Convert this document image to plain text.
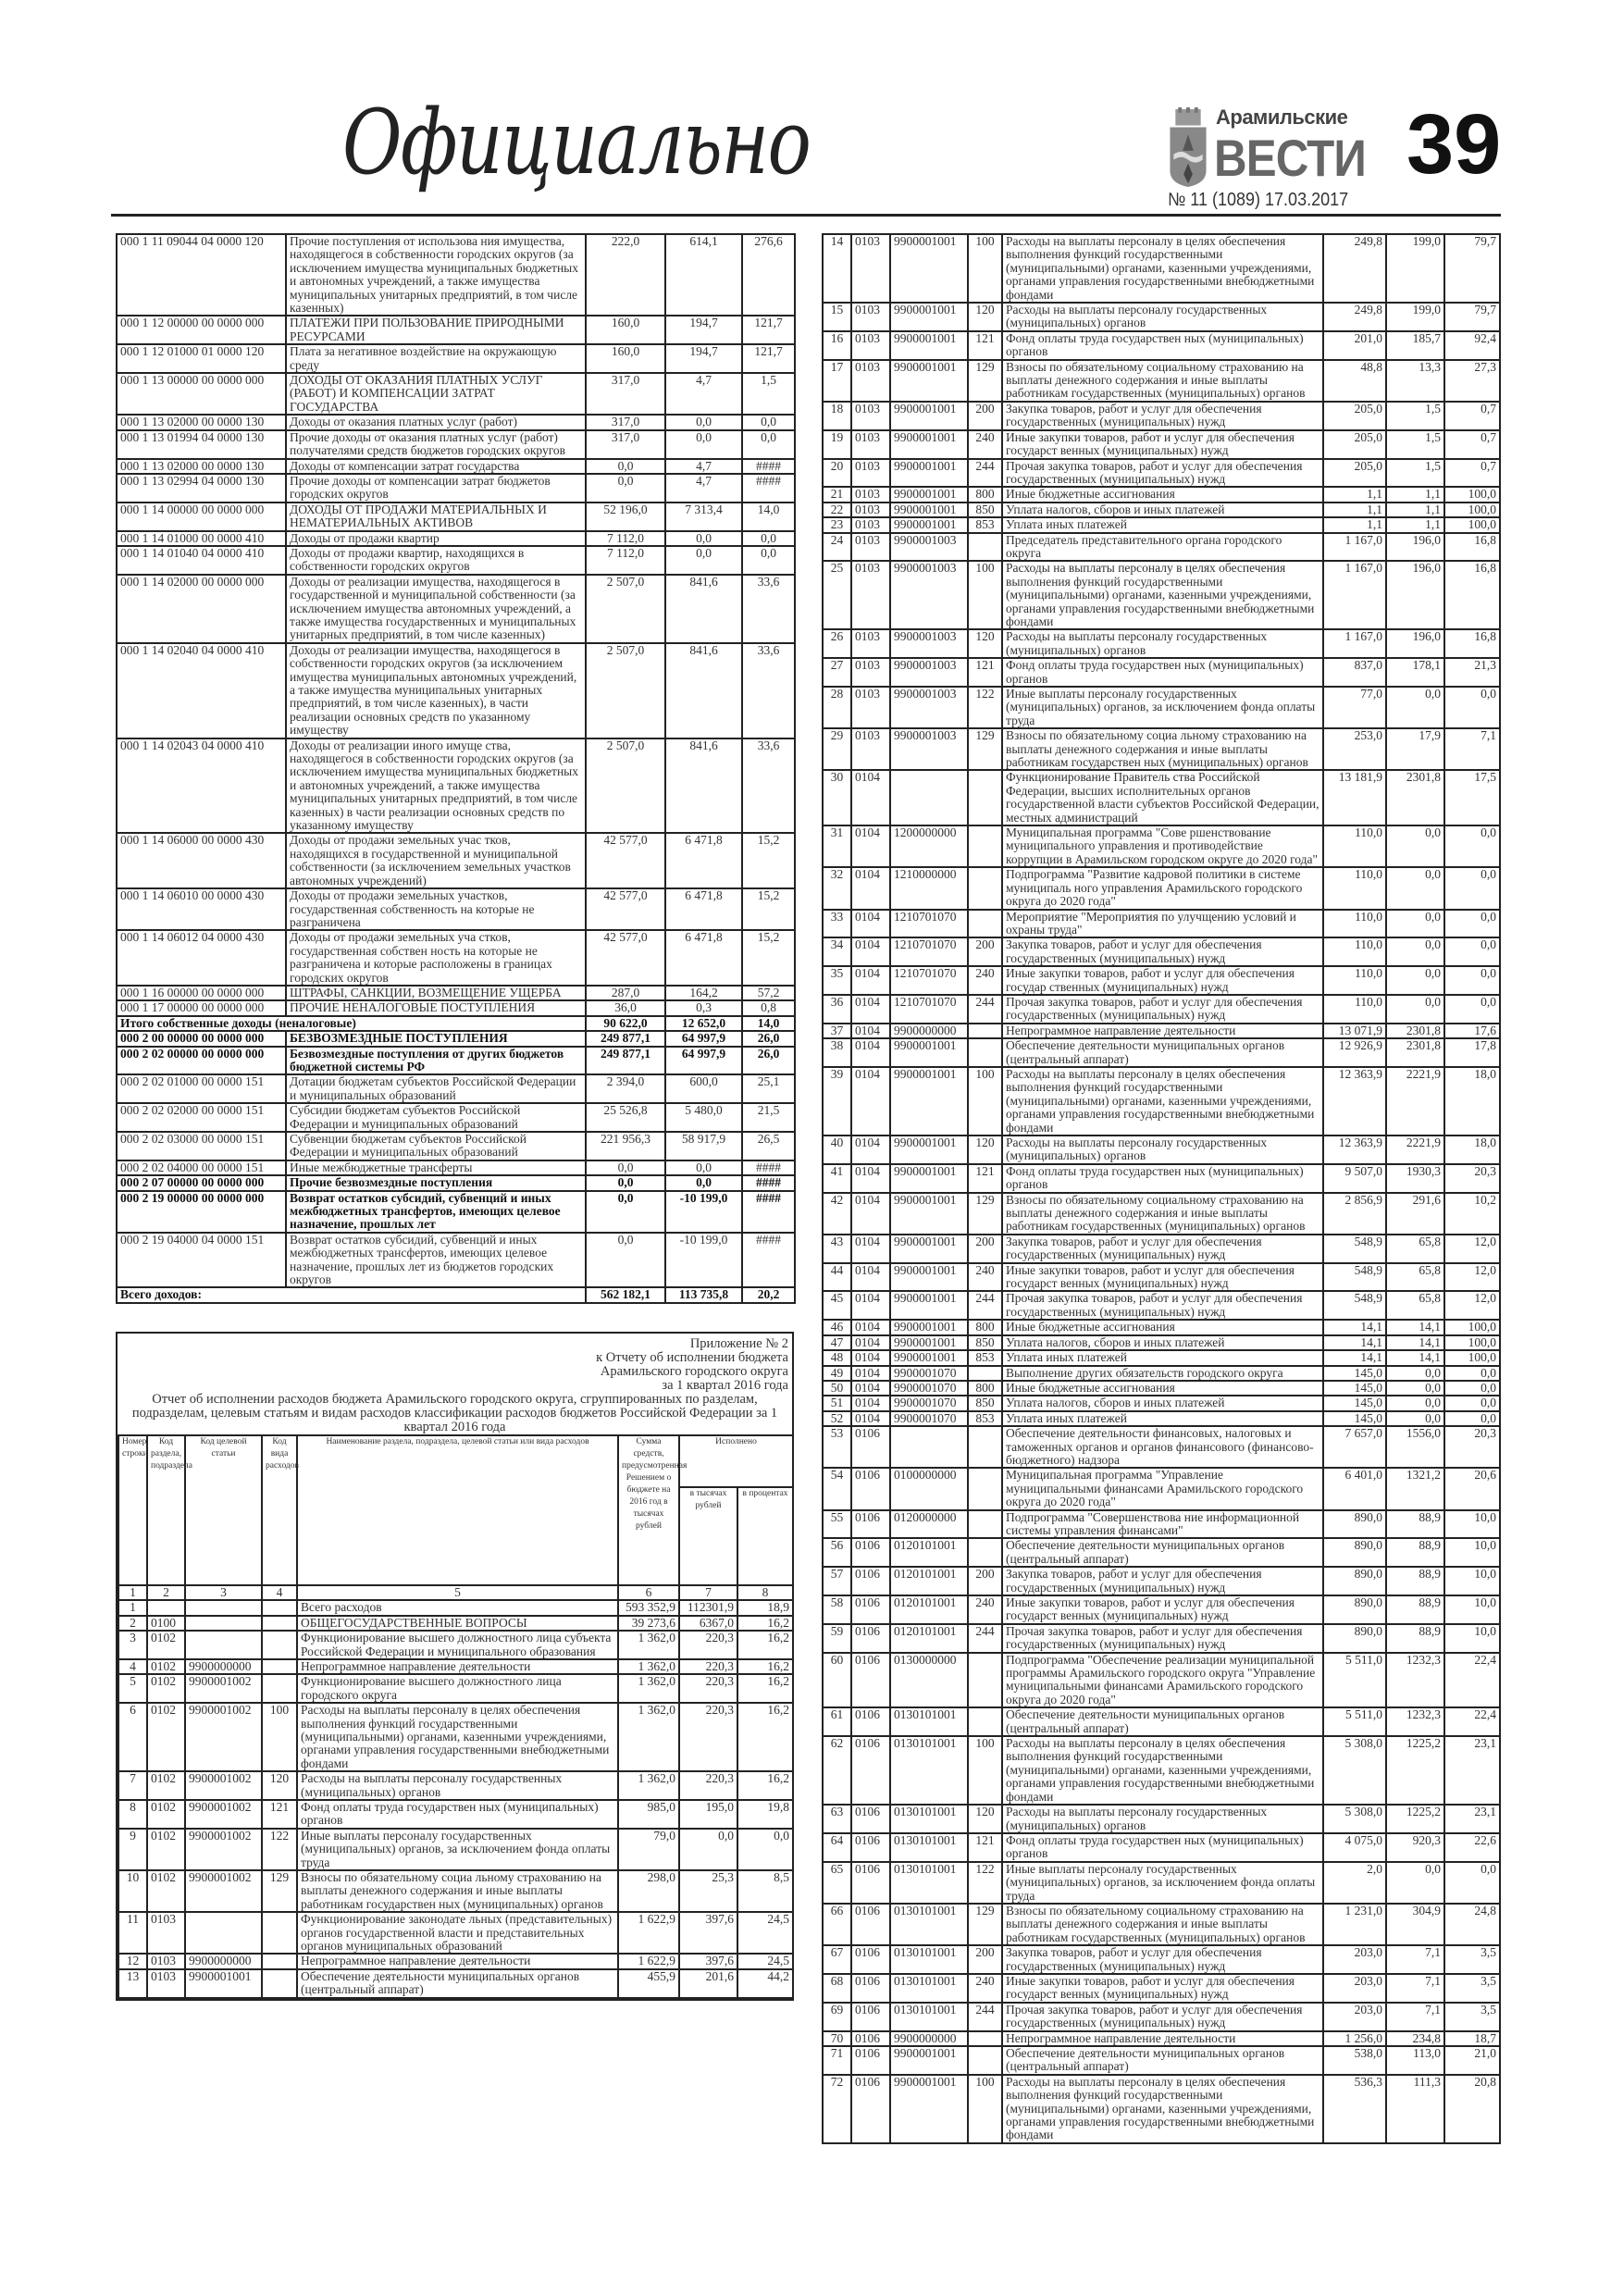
Официально	Арамильские
ВЕСТИ 39
№ 11 (1089) 17.03.2017
000 1 11 09044 04 0000 120	Прочие поступления от использова ния имущества, находящегося в собственности городских округов (за исключением имущества муниципальных бюджетных и автономных учреждений, а также имущества муниципальных унитарных предприятий, в том числе казенных)	222,0	614,1	276,6
000 1 12 00000 00 0000 000	ПЛАТЕЖИ ПРИ ПОЛЬЗОВАНИЕ ПРИРОДНЫМИ РЕСУРСАМИ	160,0	194,7	121,7
000 1 12 01000 01 0000 120	Плата за негативное воздействие на окружающую среду	160,0	194,7	121,7
000 1 13 00000 00 0000 000	ДОХОДЫ ОТ ОКАЗАНИЯ ПЛАТНЫХ УСЛУГ (РАБОТ) И КОМПЕНСАЦИИ ЗАТРАТ ГОСУДАРСТВА	317,0	4,7	1,5
000 1 13 02000 00 0000 130	Доходы от оказания платных услуг (работ)	317,0	0,0	0,0
000 1 13 01994 04 0000 130	Прочие доходы от оказания платных услуг (работ) получателями средств бюджетов городских округов	317,0	0,0	0,0
000 1 13 02000 00 0000 130	Доходы от компенсации затрат государства	0,0	4,7	####
000 1 13 02994 04 0000 130	Прочие доходы от компенсации затрат бюджетов городских округов	0,0	4,7	####
000 1 14 00000 00 0000 000	ДОХОДЫ ОТ ПРОДАЖИ МАТЕРИАЛЬНЫХ И НЕМАТЕРИАЛЬНЫХ АКТИВОВ	52 196,0	7 313,4	14,0
000 1 14 01000 00 0000 410	Доходы от продажи квартир	7 112,0	0,0	0,0
000 1 14 01040 04 0000 410	Доходы от продажи квартир, находящихся в собственности городских округов	7 112,0	0,0	0,0
000 1 14 02000 00 0000 000	Доходы от реализации имущества, находящегося в государственной и муниципальной собственности (за исключением имущества автономных учреждений, а также имущества государственных и муниципальных унитарных предприятий, в том числе казенных)	2 507,0	841,6	33,6
000 1 14 02040 04 0000 410	Доходы от реализации имущества, находящегося в собственности городских округов (за исключением имущества муниципальных автономных учреждений, а также имущества муниципальных унитарных предприятий, в том числе казенных), в части реализации основных средств по указанному имуществу	2 507,0	841,6	33,6
000 1 14 02043 04 0000 410	Доходы от реализации иного имуще ства, находящегося в собственности городских округов (за исключением имущества муниципальных бюджетных и автономных учреждений, а также имущества муниципальных унитарных предприятий, в том числе казенных) в части реализации основных средств по указанному имуществу	2 507,0	841,6	33,6
000 1 14 06000 00 0000 430	Доходы от продажи земельных учас тков, находящихся в государственной и муниципальной собственности (за исключением земельных участков автономных учреждений)	42 577,0	6 471,8	15,2
000 1 14 06010 00 0000 430	Доходы от продажи земельных участков, государственная собственность на которые не разграничена	42 577,0	6 471,8	15,2
000 1 14 06012 04 0000 430	Доходы от продажи земельных уча стков, государственная собствен ность на которые не разграничена и которые расположены в границах городских округов	42 577,0	6 471,8	15,2
000 1 16 00000 00 0000 000	ШТРАФЫ, САНКЦИИ, ВОЗМЕЩЕНИЕ УЩЕРБА	287,0	164,2	57,2
000 1 17 00000 00 0000 000	ПРОЧИЕ НЕНАЛОГОВЫЕ ПОСТУПЛЕНИЯ	36,0	0,3	0,8
Итого собственные доходы (неналоговые)		90 622,0	12 652,0	14,0
000 2 00 00000 00 0000 000	БЕЗВОЗМЕЗДНЫЕ ПОСТУПЛЕНИЯ	249 877,1	64 997,9	26,0
000 2 02 00000 00 0000 000	Безвозмездные поступления от других бюджетов бюджетной системы РФ	249 877,1	64 997,9	26,0
000 2 02 01000 00 0000 151	Дотации бюджетам субъектов Российской Федерации и муниципальных образований	2 394,0	600,0	25,1
000 2 02 02000 00 0000 151	Субсидии бюджетам субъектов Российской Федерации и муниципальных образований	25 526,8	5 480,0	21,5
000 2 02 03000 00 0000 151	Субвенции бюджетам субъектов Российской Федерации и муниципальных образований	221 956,3	58 917,9	26,5
000 2 02 04000 00 0000 151	Иные межбюджетные трансферты	0,0	0,0	####
000 2 07 00000 00 0000 000	Прочие безвозмездные поступления	0,0	0,0	####
000 2 19 00000 00 0000 000	Возврат остатков субсидий, субвенций и иных межбюджетных трансфертов, имеющих целевое назначение, прошлых лет	0,0	-10 199,0	####
000 2 19 04000 04 0000 151	Возврат остатков субсидий, субвенций и иных межбюджетных трансфертов, имеющих целевое назначение, прошлых лет из бюджетов городских округов	0,0	-10 199,0	####
Всего доходов:		562 182,1	113 735,8	20,2
Приложение № 2
к Отчету об исполнении бюджета
Арамильского городского округа
за 1 квартал 2016 года
Отчет об исполнении расходов бюджета Арамильского городского округа, сгруппированных по разделам, подразделам, целевым статьям и видам расходов классификации расходов бюджетов Российской Федерации за 1 квартал 2016 года
Номер строки	Код раздела, подраздела	Код целевой статьи	Код вида расходов	Наименование раздела, подраздела, целевой статьи или вида расходов	Сумма средств, предусмотренная Решением о бюджете на 2016 год в тысячах рублей	Исполнено	
						в тысячах рублей	в процентах
1	2	3	4	5	6	7	8
1				Всего расходов	593 352,9	112301,9	18,9
2	0100			ОБЩЕГОСУДАРСТВЕННЫЕ ВОПРОСЫ	39 273,6	6367,0	16,2
3	0102			Функционирование высшего должностного лица субъекта Российской Федерации и муниципального образования	1 362,0	220,3	16,2
4	0102	9900000000		Непрограммное направление деятельности	1 362,0	220,3	16,2
5	0102	9900001002		Функционирование высшего должностного лица городского округа	1 362,0	220,3	16,2
6	0102	9900001002	100	Расходы на выплаты персоналу в целях обеспечения выполнения функций государственными (муниципальными) органами, казенными учреждениями, органами управления государственными внебюджетными фондами	1 362,0	220,3	16,2
7	0102	9900001002	120	Расходы на выплаты персоналу государственных (муниципальных) органов	1 362,0	220,3	16,2
8	0102	9900001002	121	Фонд оплаты труда государствен ных (муниципальных) органов	985,0	195,0	19,8
9	0102	9900001002	122	Иные выплаты персоналу государственных (муниципальных) органов, за исключением фонда оплаты труда	79,0	0,0	0,0
10	0102	9900001002	129	Взносы по обязательному социа льному страхованию на выплаты денежного содержания и иные выплаты работникам государствен ных (муниципальных) органов	298,0	25,3	8,5
11	0103			Функционирование законодате льных (представительных) органов государственной власти и представительных органов муниципальных образований	1 622,9	397,6	24,5
12	0103	9900000000		Непрограммное направление деятельности	1 622,9	397,6	24,5
13	0103	9900001001		Обеспечение деятельности муниципальных органов (центральный аппарат)	455,9	201,6	44,2
14	0103	9900001001	100	Расходы на выплаты персоналу в целях обеспечения выполнения функций государственными (муниципальными) органами, казенными учреждениями, органами управления государственными внебюджетными фондами	249,8	199,0	79,7
15	0103	9900001001	120	Расходы на выплаты персоналу государственных (муниципальных) органов	249,8	199,0	79,7
16	0103	9900001001	121	Фонд оплаты труда государствен ных (муниципальных) органов	201,0	185,7	92,4
17	0103	9900001001	129	Взносы по обязательному социальному страхованию на выплаты денежного содержания и иные выплаты работникам государственных (муниципальных) органов	48,8	13,3	27,3
18	0103	9900001001	200	Закупка товаров, работ и услуг для обеспечения государственных (муниципальных) нужд	205,0	1,5	0,7
19	0103	9900001001	240	Иные закупки товаров, работ и услуг для обеспечения государст венных (муниципальных) нужд	205,0	1,5	0,7
20	0103	9900001001	244	Прочая закупка товаров, работ и услуг для обеспечения государственных (муниципальных) нужд	205,0	1,5	0,7
21	0103	9900001001	800	Иные бюджетные ассигнования	1,1	1,1	100,0
22	0103	9900001001	850	Уплата налогов, сборов и иных платежей	1,1	1,1	100,0
23	0103	9900001001	853	Уплата иных платежей	1,1	1,1	100,0
24	0103	9900001003		Председатель представительного органа городского округа	1 167,0	196,0	16,8
25	0103	9900001003	100	Расходы на выплаты персоналу в целях обеспечения выполнения функций государственными (муниципальными) органами, казенными учреждениями, органами управления государственными внебюджетными фондами	1 167,0	196,0	16,8
26	0103	9900001003	120	Расходы на выплаты персоналу государственных (муниципальных) органов	1 167,0	196,0	16,8
27	0103	9900001003	121	Фонд оплаты труда государствен ных (муниципальных) органов	837,0	178,1	21,3
28	0103	9900001003	122	Иные выплаты персоналу государственных (муниципальных) органов, за исключением фонда оплаты труда	77,0	0,0	0,0
29	0103	9900001003	129	Взносы по обязательному социа льному страхованию на выплаты денежного содержания и иные выплаты работникам государствен ных (муниципальных) органов	253,0	17,9	7,1
30	0104			Функционирование Правитель ства Российской Федерации, высших исполнительных органов государственной власти субъектов Российской Федерации, местных администраций	13 181,9	2301,8	17,5
31	0104	1200000000		Муниципальная программа "Сове ршенствование муниципального управления и противодействие коррупции в Арамильском городском округе до 2020 года"	110,0	0,0	0,0
32	0104	1210000000		Подпрограмма "Развитие кадровой политики в системе муниципаль ного управления Арамильского городского округа до 2020 года"	110,0	0,0	0,0
33	0104	1210701070		Мероприятие "Мероприятия по улучщению условий и охраны труда"	110,0	0,0	0,0
34	0104	1210701070	200	Закупка товаров, работ и услуг для обеспечения государственных (муниципальных) нужд	110,0	0,0	0,0
35	0104	1210701070	240	Иные закупки товаров, работ и услуг для обеспечения государ ственных (муниципальных) нужд	110,0	0,0	0,0
36	0104	1210701070	244	Прочая закупка товаров, работ и услуг для обеспечения государственных (муниципальных) нужд	110,0	0,0	0,0
37	0104	9900000000		Непрограммное направление деятельности	13 071,9	2301,8	17,6
38	0104	9900001001		Обеспечение деятельности муниципальных органов (центральный аппарат)	12 926,9	2301,8	17,8
39	0104	9900001001	100	Расходы на выплаты персоналу в целях обеспечения выполнения функций государственными (муниципальными) органами, казенными учреждениями, органами управления государственными внебюджетными фондами	12 363,9	2221,9	18,0
40	0104	9900001001	120	Расходы на выплаты персоналу государственных (муниципальных) органов	12 363,9	2221,9	18,0
41	0104	9900001001	121	Фонд оплаты труда государствен ных (муниципальных) органов	9 507,0	1930,3	20,3
42	0104	9900001001	129	Взносы по обязательному социальному страхованию на выплаты денежного содержания и иные выплаты работникам государственных (муниципальных) органов	2 856,9	291,6	10,2
43	0104	9900001001	200	Закупка товаров, работ и услуг для обеспечения государственных (муниципальных) нужд	548,9	65,8	12,0
44	0104	9900001001	240	Иные закупки товаров, работ и услуг для обеспечения государст венных (муниципальных) нужд	548,9	65,8	12,0
45	0104	9900001001	244	Прочая закупка товаров, работ и услуг для обеспечения государственных (муниципальных) нужд	548,9	65,8	12,0
46	0104	9900001001	800	Иные бюджетные ассигнования	14,1	14,1	100,0
47	0104	9900001001	850	Уплата налогов, сборов и иных платежей	14,1	14,1	100,0
48	0104	9900001001	853	Уплата иных платежей	14,1	14,1	100,0
49	0104	9900001070		Выполнение других обязательств городского округа	145,0	0,0	0,0
50	0104	9900001070	800	Иные бюджетные ассигнования	145,0	0,0	0,0
51	0104	9900001070	850	Уплата налогов, сборов и иных платежей	145,0	0,0	0,0
52	0104	9900001070	853	Уплата иных платежей	145,0	0,0	0,0
53	0106			Обеспечение деятельности финансовых, налоговых и таможенных органов и органов финансового (финансово-бюджетного) надзора	7 657,0	1556,0	20,3
54	0106	0100000000		Муниципальная программа "Управление муниципальными финансами Арамильского городского округа до 2020 года"	6 401,0	1321,2	20,6
55	0106	0120000000		Подпрограмма "Совершенствова ние информационной системы управления финансами"	890,0	88,9	10,0
56	0106	0120101001		Обеспечение деятельности муниципальных органов (центральный аппарат)	890,0	88,9	10,0
57	0106	0120101001	200	Закупка товаров, работ и услуг для обеспечения государственных (муниципальных) нужд	890,0	88,9	10,0
58	0106	0120101001	240	Иные закупки товаров, работ и услуг для обеспечения государст венных (муниципальных) нужд	890,0	88,9	10,0
59	0106	0120101001	244	Прочая закупка товаров, работ и услуг для обеспечения государственных (муниципальных) нужд	890,0	88,9	10,0
60	0106	0130000000		Подпрограмма "Обеспечение реализации муниципальной программы Арамильского городского округа "Управление муниципальными финансами Арамильского городского округа до 2020 года"	5 511,0	1232,3	22,4
61	0106	0130101001		Обеспечение деятельности муниципальных органов (центральный аппарат)	5 511,0	1232,3	22,4
62	0106	0130101001	100	Расходы на выплаты персоналу в целях обеспечения выполнения функций государственными (муниципальными) органами, казенными учреждениями, органами управления государственными внебюджетными фондами	5 308,0	1225,2	23,1
63	0106	0130101001	120	Расходы на выплаты персоналу государственных (муниципальных) органов	5 308,0	1225,2	23,1
64	0106	0130101001	121	Фонд оплаты труда государствен ных (муниципальных) органов	4 075,0	920,3	22,6
65	0106	0130101001	122	Иные выплаты персоналу государственных (муниципальных) органов, за исключением фонда оплаты труда	2,0	0,0	0,0
66	0106	0130101001	129	Взносы по обязательному социальному страхованию на выплаты денежного содержания и иные выплаты работникам государственных (муниципальных) органов	1 231,0	304,9	24,8
67	0106	0130101001	200	Закупка товаров, работ и услуг для обеспечения государственных (муниципальных) нужд	203,0	7,1	3,5
68	0106	0130101001	240	Иные закупки товаров, работ и услуг для обеспечения государст венных (муниципальных) нужд	203,0	7,1	3,5
69	0106	0130101001	244	Прочая закупка товаров, работ и услуг для обеспечения государственных (муниципальных) нужд	203,0	7,1	3,5
70	0106	9900000000		Непрограммное направление деятельности	1 256,0	234,8	18,7
71	0106	9900001001		Обеспечение деятельности муниципальных органов (центральный аппарат)	538,0	113,0	21,0
72	0106	9900001001	100	Расходы на выплаты персоналу в целях обеспечения выполнения функций государственными (муниципальными) органами, казенными учреждениями, органами управления государственными внебюджетными фондами	536,3	111,3	20,8
